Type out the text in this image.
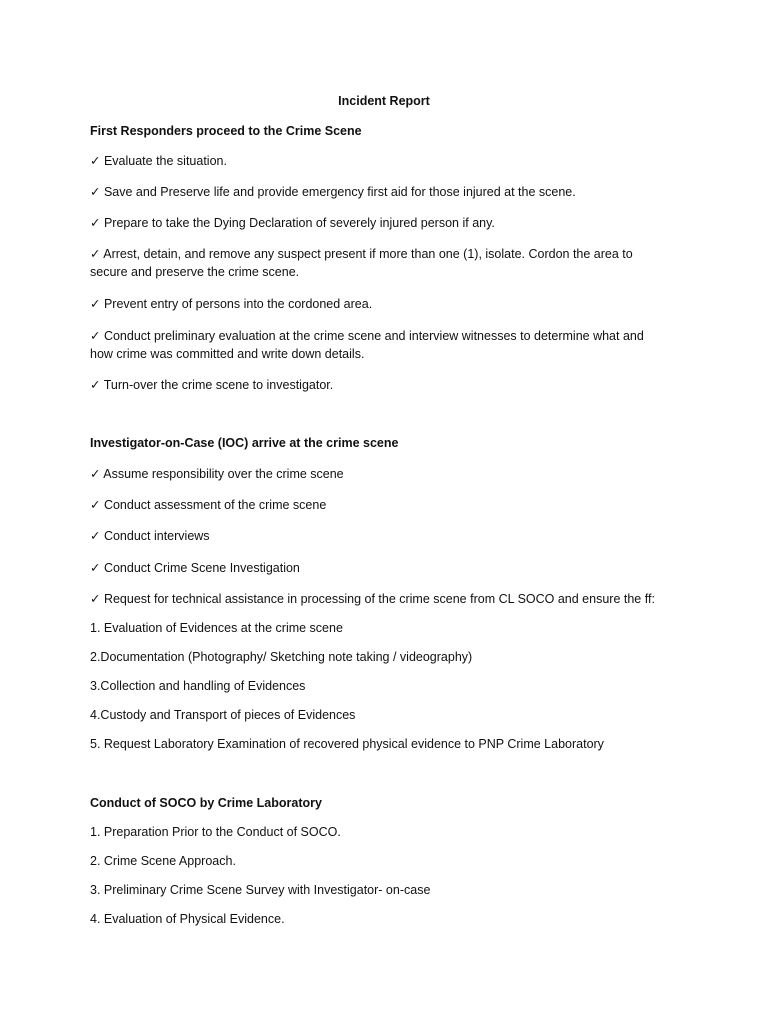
Incident Report
First Responders proceed to the Crime Scene
✓ Evaluate the situation.
✓ Save and Preserve life and provide emergency first aid for those injured at the scene.
✓ Prepare to take the Dying Declaration of severely injured person if any.
✓ Arrest, detain, and remove any suspect present if more than one (1), isolate. Cordon the area to secure and preserve the crime scene.
✓ Prevent entry of persons into the cordoned area.
✓ Conduct preliminary evaluation at the crime scene and interview witnesses to determine what and how crime was committed and write down details.
✓ Turn-over the crime scene to investigator.
Investigator-on-Case (IOC) arrive at the crime scene
✓ Assume responsibility over the crime scene
✓ Conduct assessment of the crime scene
✓ Conduct interviews
✓ Conduct Crime Scene Investigation
✓ Request for technical assistance in processing of the crime scene from CL SOCO and ensure the ff:
1. Evaluation of Evidences at the crime scene
2.Documentation (Photography/ Sketching note taking / videography)
3.Collection and handling of Evidences
4.Custody and Transport of pieces of Evidences
5. Request Laboratory Examination of recovered physical evidence to PNP Crime Laboratory
Conduct of SOCO by Crime Laboratory
1. Preparation Prior to the Conduct of SOCO.
2. Crime Scene Approach.
3. Preliminary Crime Scene Survey with Investigator- on-case
4. Evaluation of Physical Evidence.
